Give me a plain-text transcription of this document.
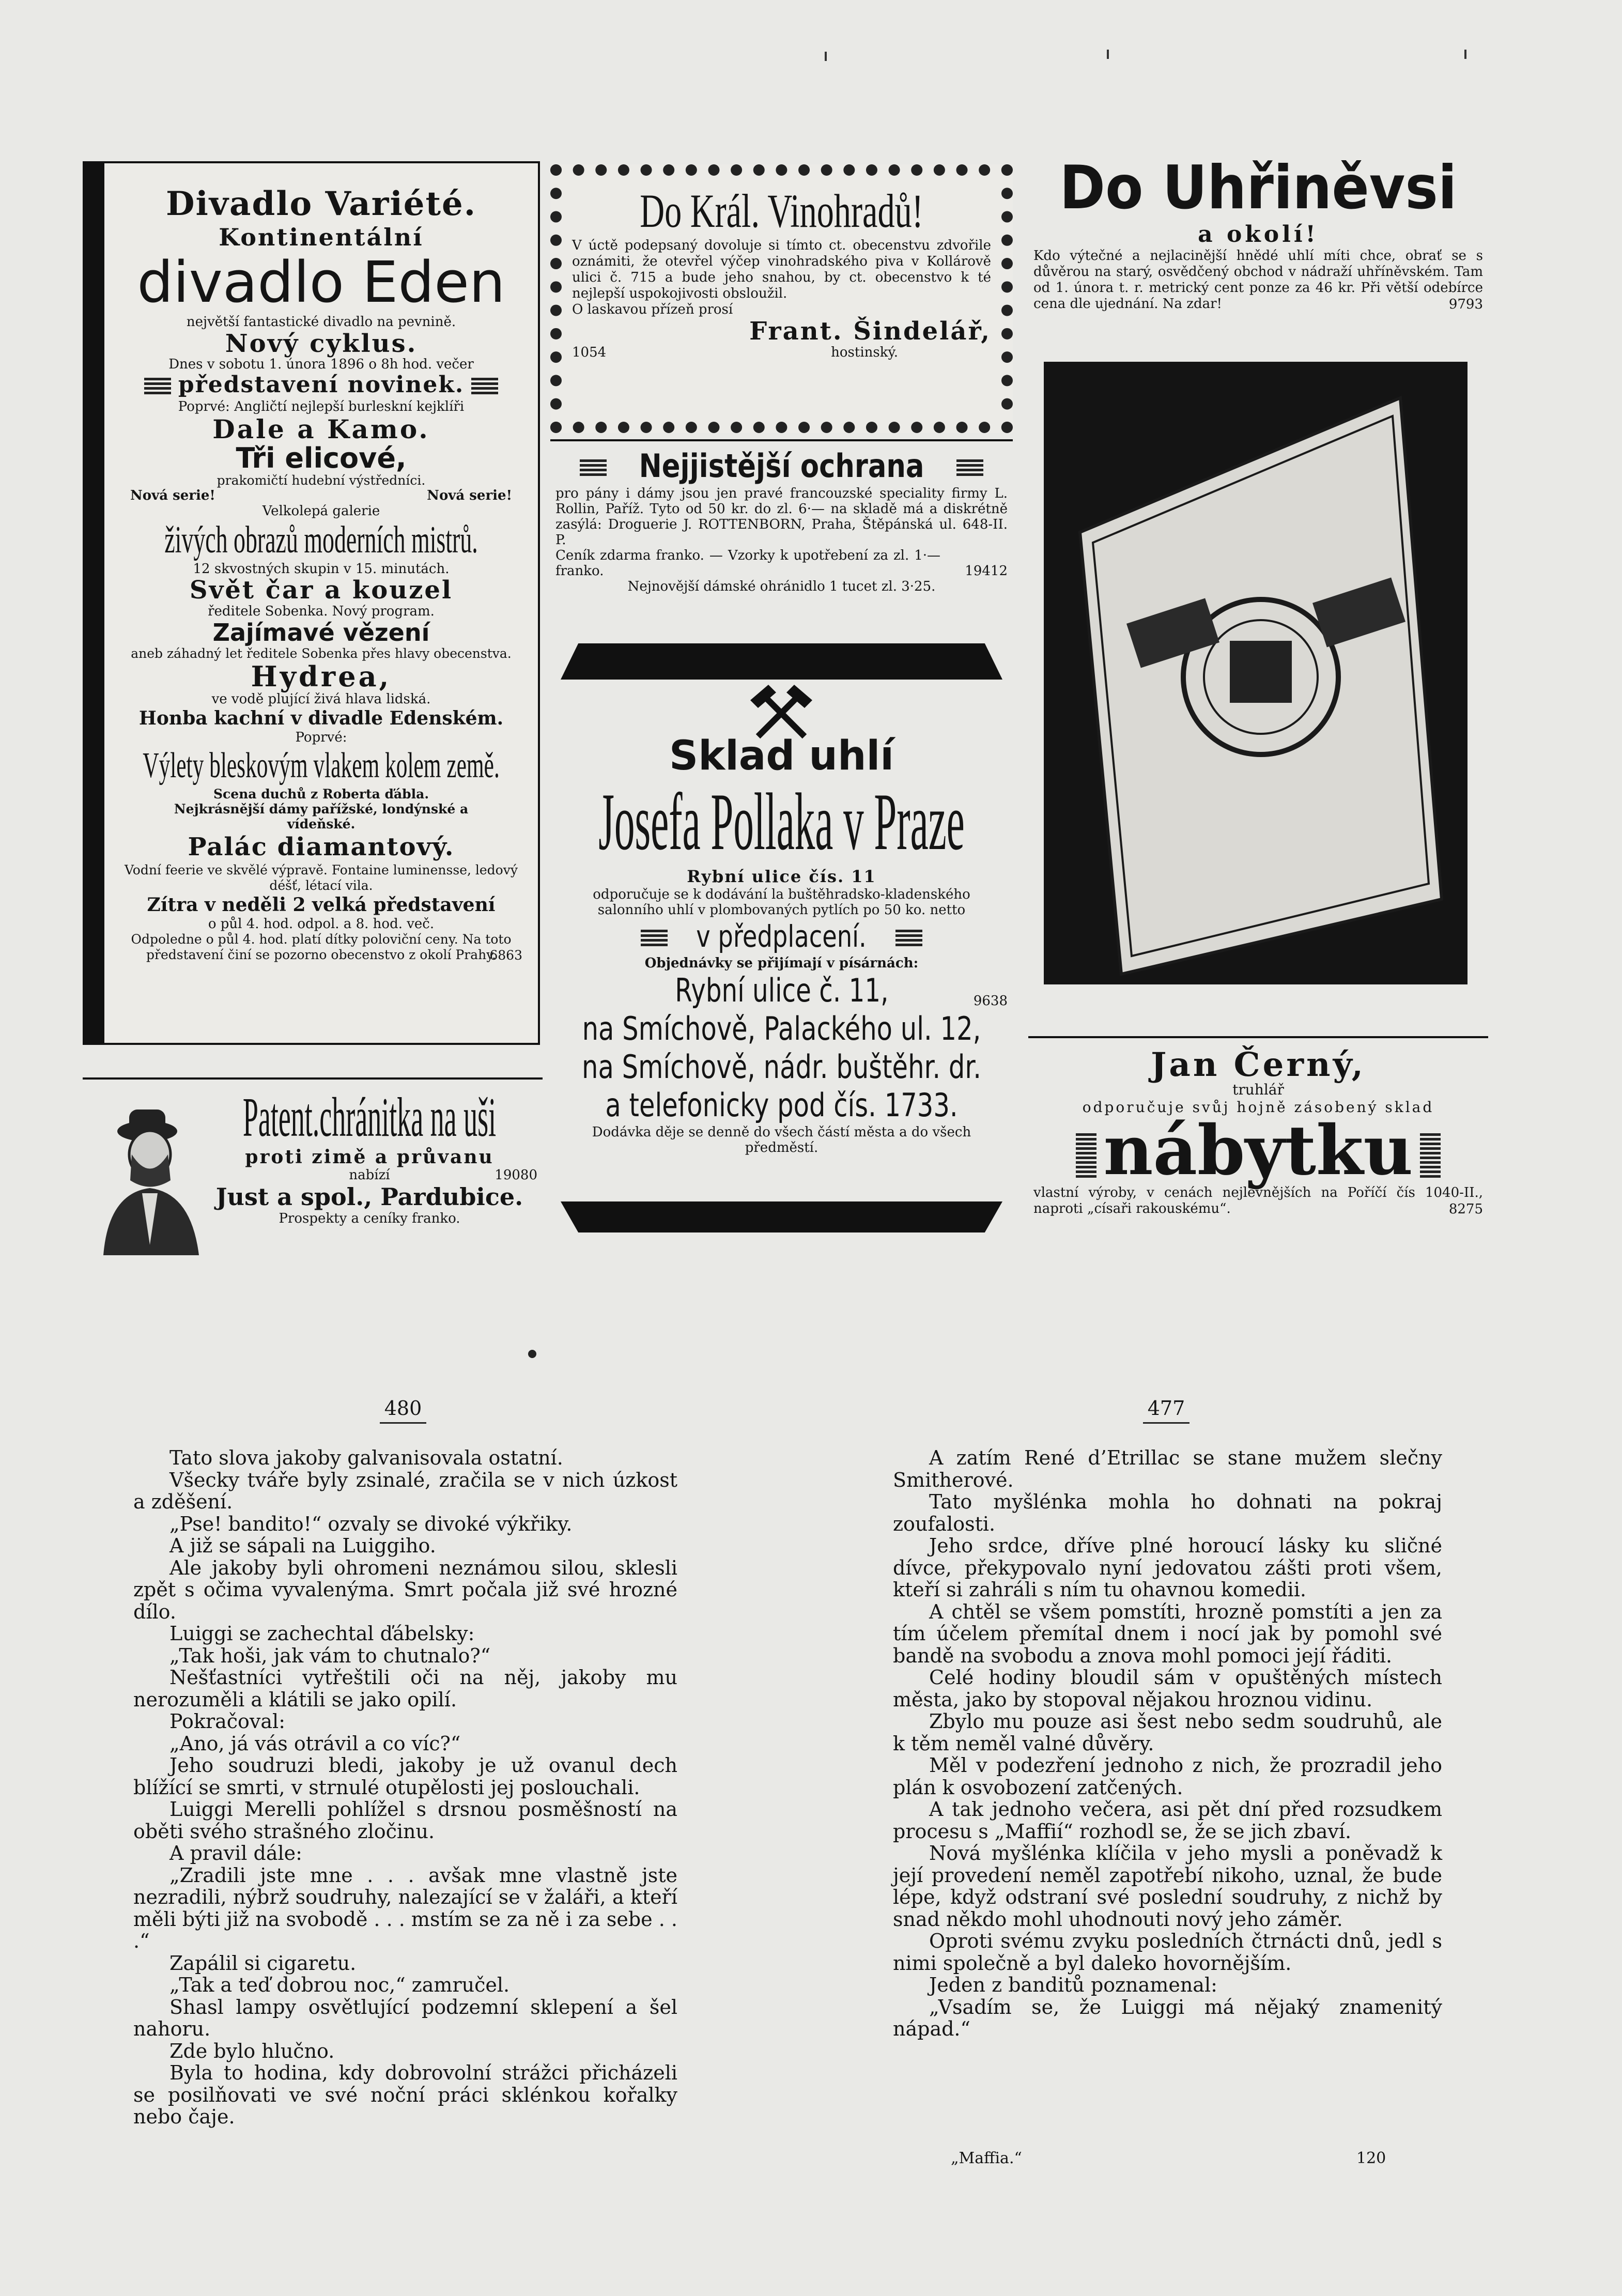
Divadlo Variété.
Kontinentální
divadlo Eden
největší fantastické divadlo na pevnině.
Nový cyklus.
Dnes v sobotu 1. února 1896 o 8h hod. večer
představení novinek.
Poprvé: Angličtí nejlepší burleskní kejklíři
Dale a Kamo.
Tři elicové,
prakomičtí hudební výstředníci.
Nová serie!	Nová serie!
Velkolepá galerie
živých obrazů moderních mistrů.
12 skvostných skupin v 15. minutách.
Svět čar a kouzel
ředitele Sobenka. Nový program.
Zajímavé vězení
aneb záhadný let ředitele Sobenka přes hlavy obecenstva.
Hydrea,
ve vodě plující živá hlava lidská.
Honba kachní v divadle Edenském.
Poprvé:
Výlety bleskovým vlakem kolem země.
Scena duchů z Roberta ďábla.
Nejkrásnější dámy pařížské, londýnské a vídeňské.
Palác diamantový.
Vodní feerie ve skvělé výpravě. Fontaine luminensse, ledový déšť, létací vila.
Zítra v neděli 2 velká představení
o půl 4. hod. odpol. a 8. hod. več.
Odpoledne o půl 4. hod. platí dítky poloviční ceny. Na toto představení činí se pozorno obecenstvo z okolí Prahy.
6863
Patent.chránitka na uši
proti zimě a průvanu
nabízí	19080
Just a spol., Pardubice.
Prospekty a ceníky franko.
Do Král. Vinohradů!
V úctě podepsaný dovoluje si tímto ct. obecenstvu zdvořile oznámiti, že otevřel výčep vinohradského piva v Kollárově ulici č. 715 a bude jeho snahou, by ct. obecenstvo k té nejlepší uspokojivosti obsloužil.
O laskavou přízeň prosí
Frant. Šindelář,
1054	hostinský.
Nejjistější ochrana
pro pány i dámy jsou jen pravé francouzské speciality firmy L. Rollin, Paříž. Tyto od 50 kr. do zl. 6·— na skladě má a diskrétně zasýlá: Droguerie J. ROTTENBORN, Praha, Štěpánská ul. 648-II. P.
Ceník zdarma franko. — Vzorky k upotřebení za zl. 1·— franko.	19412
Nejnovější dámské ohránidlo 1 tucet zl. 3·25.
Sklad uhlí
Josefa Pollaka v Praze
Rybní ulice čís. 11
odporučuje se k dodávání la buštěhradsko-kladenského salonního uhlí v plombovaných pytlích po 50 ko. netto
v předplacení.
Objednávky se přijímají v písárnách:
Rybní ulice č. 11,	9638
na Smíchově, Palackého ul. 12,
na Smíchově, nádr. buštěhr. dr.
a telefonicky pod čís. 1733.
Dodávka děje se denně do všech částí města a do všech předměstí.
Do Uhřiněvsi
a okolí!
Kdo výtečné a nejlacinější hnědé uhlí míti chce, obrať se s důvěrou na starý, osvědčený obchod v nádraží uhříněvském. Tam od 1. února t. r. metrický cent ponze za 46 kr. Při větší odebírce cena dle ujednání. Na zdar!	9793
Jan Černý,
truhlář
odporučuje svůj hojně zásobený sklad
nábytku
vlastní výroby, v cenách nejlevnějších na Poříčí čís 1040-II., naproti „císaři rakouskému“.	8275
480

Tato slova jakoby galvanisovala ostatní.

Všecky tváře byly zsinalé, zračila se v nich úzkost a zděšení.

„Pse! bandito!“ ozvaly se divoké výkřiky.

A již se sápali na Luiggiho.

Ale jakoby byli ohromeni neznámou silou, sklesli zpět s očima vyvalenýma. Smrt počala již své hrozné dílo.

Luiggi se zachechtal ďábelsky:

„Tak hoši, jak vám to chutnalo?“

Nešťastníci vytřeštili oči na něj, jakoby mu nerozuměli a klátili se jako opilí.

Pokračoval:

„Ano, já vás otrávil a co víc?“

Jeho soudruzi bledi, jakoby je už ovanul dech blížící se smrti, v strnulé otupělosti jej poslouchali.

Luiggi Merelli pohlížel s drsnou posměšností na oběti svého strašného zločinu.

A pravil dále:

„Zradili jste mne . . . avšak mne vlastně jste nezradili, nýbrž soudruhy, nalezající se v žaláři, a kteří měli býti již na svobodě . . . mstím se za ně i za sebe . . .“

Zapálil si cigaretu.

„Tak a teď dobrou noc,“ zamručel.

Shasl lampy osvětlující podzemní sklepení a šel nahoru.

Zde bylo hlučno.

Byla to hodina, kdy dobrovolní strážci přicházeli se posilňovati ve své noční práci sklénkou kořalky nebo čaje.

477

A zatím René d’Etrillac se stane mužem slečny Smitherové.

Tato myšlénka mohla ho dohnati na pokraj zoufalosti.

Jeho srdce, dříve plné horoucí lásky ku sličné dívce, překypovalo nyní jedovatou zášti proti všem, kteří si zahráli s ním tu ohavnou komedii.

A chtěl se všem pomstíti, hrozně pomstíti a jen za tím účelem přemítal dnem i nocí jak by pomohl své bandě na svobodu a znova mohl pomoci její řáditi.

Celé hodiny bloudil sám v opuštěných místech města, jako by stopoval nějakou hroznou vidinu.

Zbylo mu pouze asi šest nebo sedm soudruhů, ale k těm neměl valné důvěry.

Měl v podezření jednoho z nich, že prozradil jeho plán k osvobození zatčených.

A tak jednoho večera, asi pět dní před rozsudkem procesu s „Maffií“ rozhodl se, že se jich zbaví.

Nová myšlénka klíčila v jeho mysli a poněvadž k její provedení neměl zapotřebí nikoho, uznal, že bude lépe, když odstraní své poslední soudruhy, z nichž by snad někdo mohl uhodnouti nový jeho záměr.

Oproti svému zvyku posledních čtrnácti dnů, jedl s nimi společně a byl daleko hovornějším.

Jeden z banditů poznamenal:

„Vsadím se, že Luiggi má nějaký znamenitý nápad.“

„Maffia.“	120
